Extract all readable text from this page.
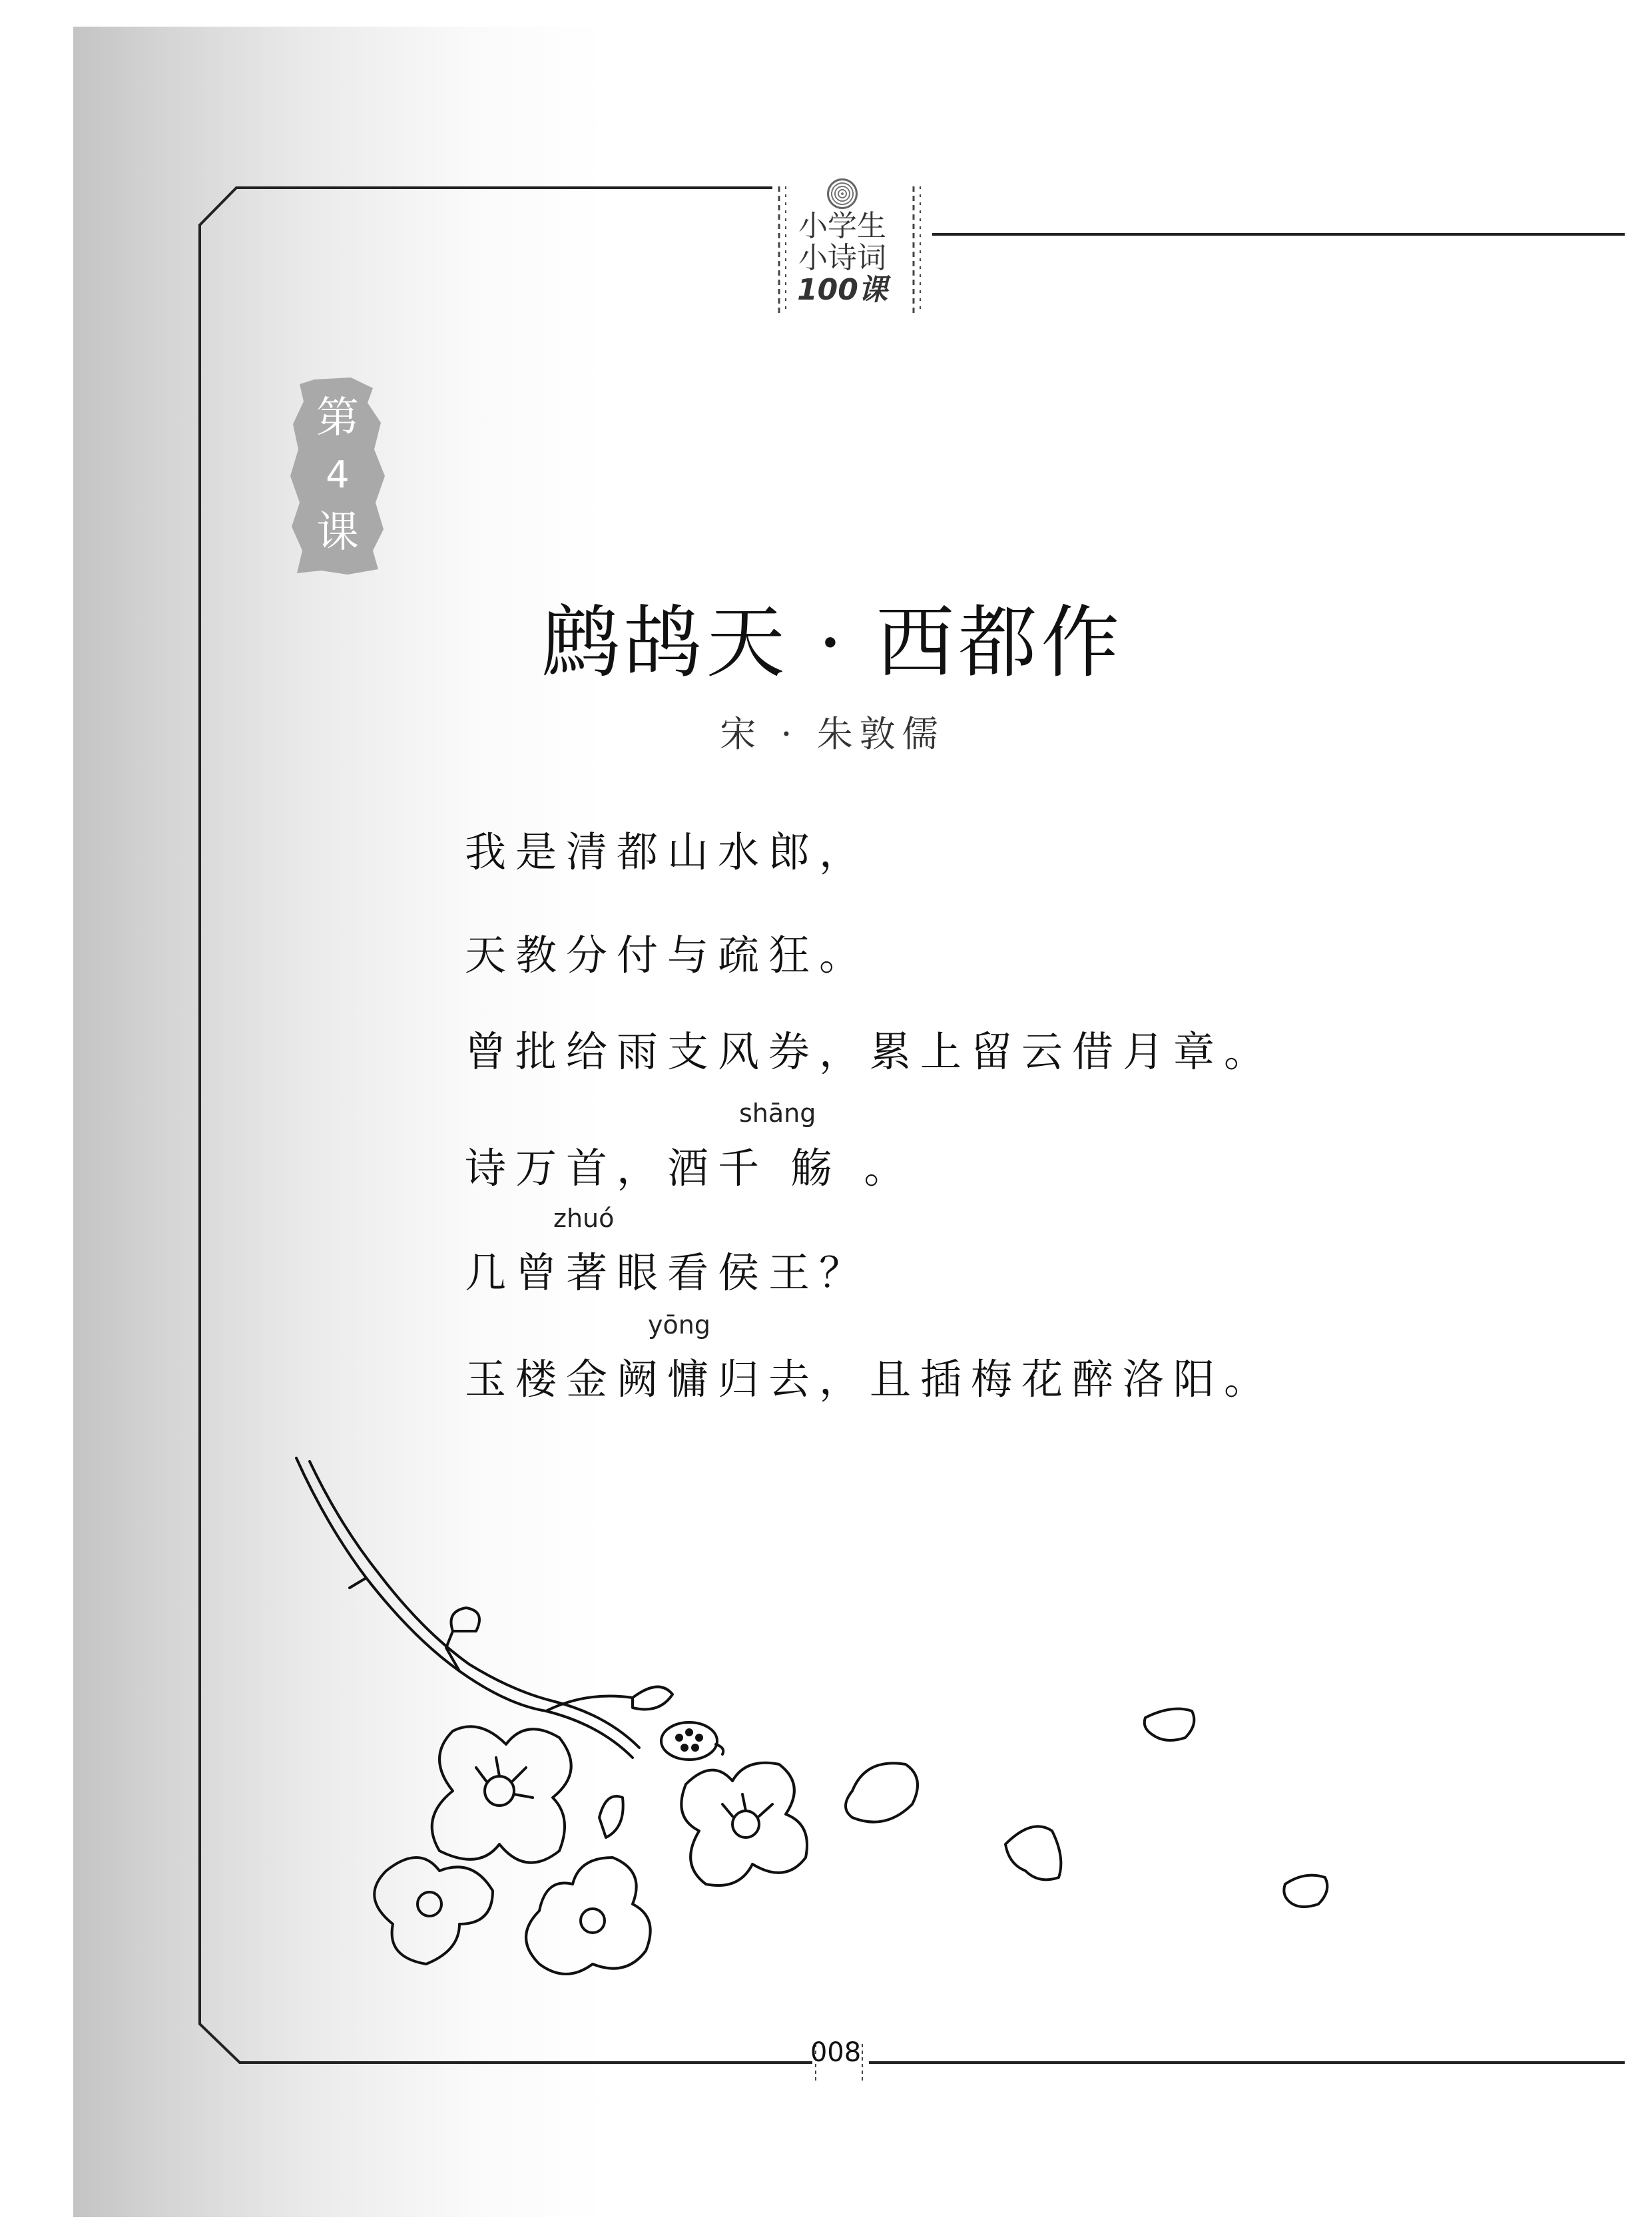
小学生
小诗词
100课
第
4
课
鹧鸪天 · 西都作
宋 · 朱敦儒
我是清都山水郎，
天教分付与疏狂。
曾批给雨支风券，累上留云借月章。
shāng
诗万首，酒千 觞 。
zhuó
几曾著眼看侯王？
yōng
玉楼金阙慵归去，且插梅花醉洛阳。
008
